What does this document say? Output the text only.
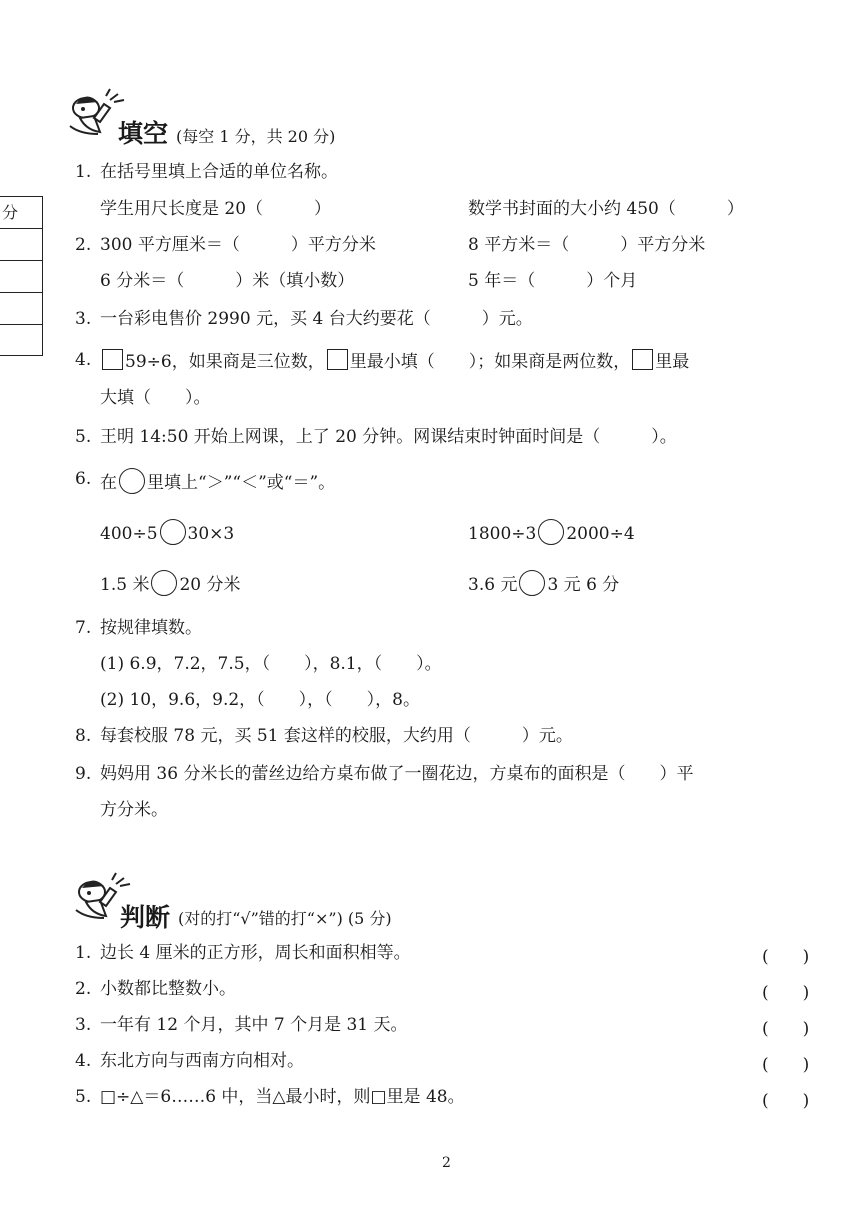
分
填空 (每空 1 分，共 20 分)
1. 在括号里填上合适的单位名称。
学生用尺长度是 20（　　　）	数学书封面的大小约 450（　　　）
2. 300 平方厘米＝（　　　）平方分米	8 平方米＝（　　　）平方分米
6 分米＝（　　　）米（填小数）	5 年＝（　　　）个月
3. 一台彩电售价 2990 元，买 4 台大约要花（　　　）元。
4.	59÷6，如果商是三位数， 里最小填（　　）；如果商是两位数， 里最
大填（　　）。
5. 王明 14:50 开始上网课，上了 20 分钟。网课结束时钟面时间是（　　　）。
6. 在 里填上“＞”“＜”或“＝”。
400÷5 30×3	1800÷3 2000÷4
1.5 米 20 分米	3.6 元 3 元 6 分
7. 按规律填数。
(1) 6.9，7.2，7.5，（　　），8.1，（　　）。
(2) 10，9.6，9.2，（　　），（　　），8。
8. 每套校服 78 元，买 51 套这样的校服，大约用（　　　）元。
9. 妈妈用 36 分米长的蕾丝边给方桌布做了一圈花边，方桌布的面积是（　　）平
方分米。
判断 (对的打“√”错的打“×”) (5 分)
1. 边长 4 厘米的正方形，周长和面积相等。	(　　)
2. 小数都比整数小。	(　　)
3. 一年有 12 个月，其中 7 个月是 31 天。	(　　)
4. 东北方向与西南方向相对。	(　　)
5. □÷△＝6……6 中，当△最小时，则□里是 48。	(　　)
2
